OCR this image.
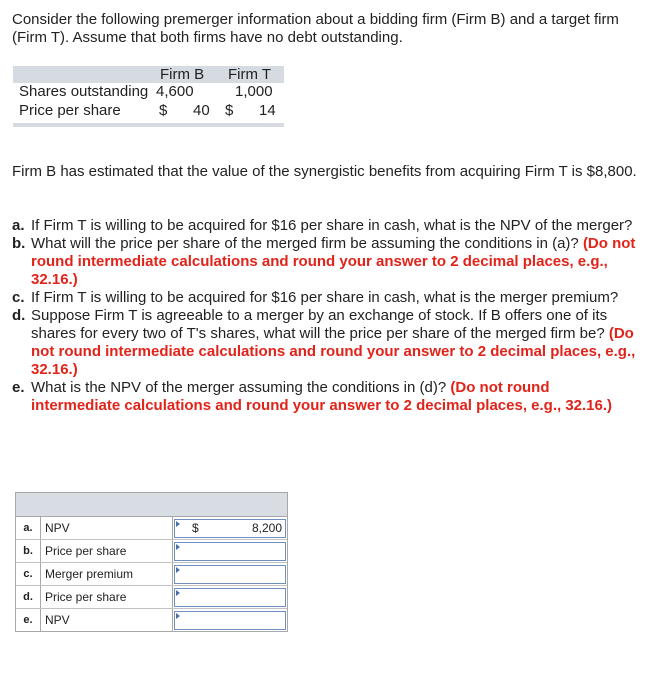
Consider the following premerger information about a bidding firm (Firm B) and a target firm (Firm T). Assume that both firms have no debt outstanding.
Firm B Firm T
Shares outstanding 4,600	1,000
Price per share	$ 40 $ 14
Firm B has estimated that the value of the synergistic benefits from acquiring Firm T is $8,800.
a. If Firm T is willing to be acquired for $16 per share in cash, what is the NPV of the merger?
b. What will the price per share of the merged firm be assuming the conditions in (a)? (Do not round intermediate calculations and round your answer to 2 decimal places, e.g., 32.16.)
c. If Firm T is willing to be acquired for $16 per share in cash, what is the merger premium?
d. Suppose Firm T is agreeable to a merger by an exchange of stock. If B offers one of its shares for every two of T's shares, what will the price per share of the merged firm be? (Do not round intermediate calculations and round your answer to 2 decimal places, e.g., 32.16.)
e. What is the NPV of the merger assuming the conditions in (d)? (Do not round intermediate calculations and round your answer to 2 decimal places, e.g., 32.16.)
a.	NPV	$	8,200
b.	Price per share
c.	Merger premium
d.	Price per share
e.	NPV
